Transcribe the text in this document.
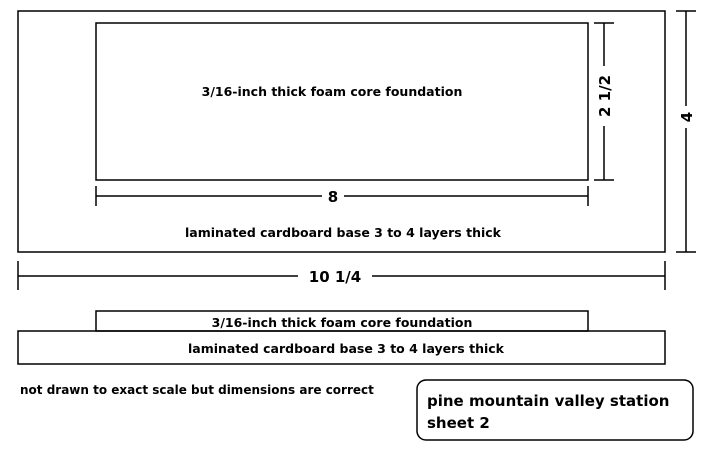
3/16-inch thick foam core foundation
laminated cardboard base 3 to 4 layers thick
8
2 1/2	4
10 1/4
3/16-inch thick foam core foundation
laminated cardboard base 3 to 4 layers thick
not drawn to exact scale but dimensions are correct
pine mountain valley station
sheet 2
